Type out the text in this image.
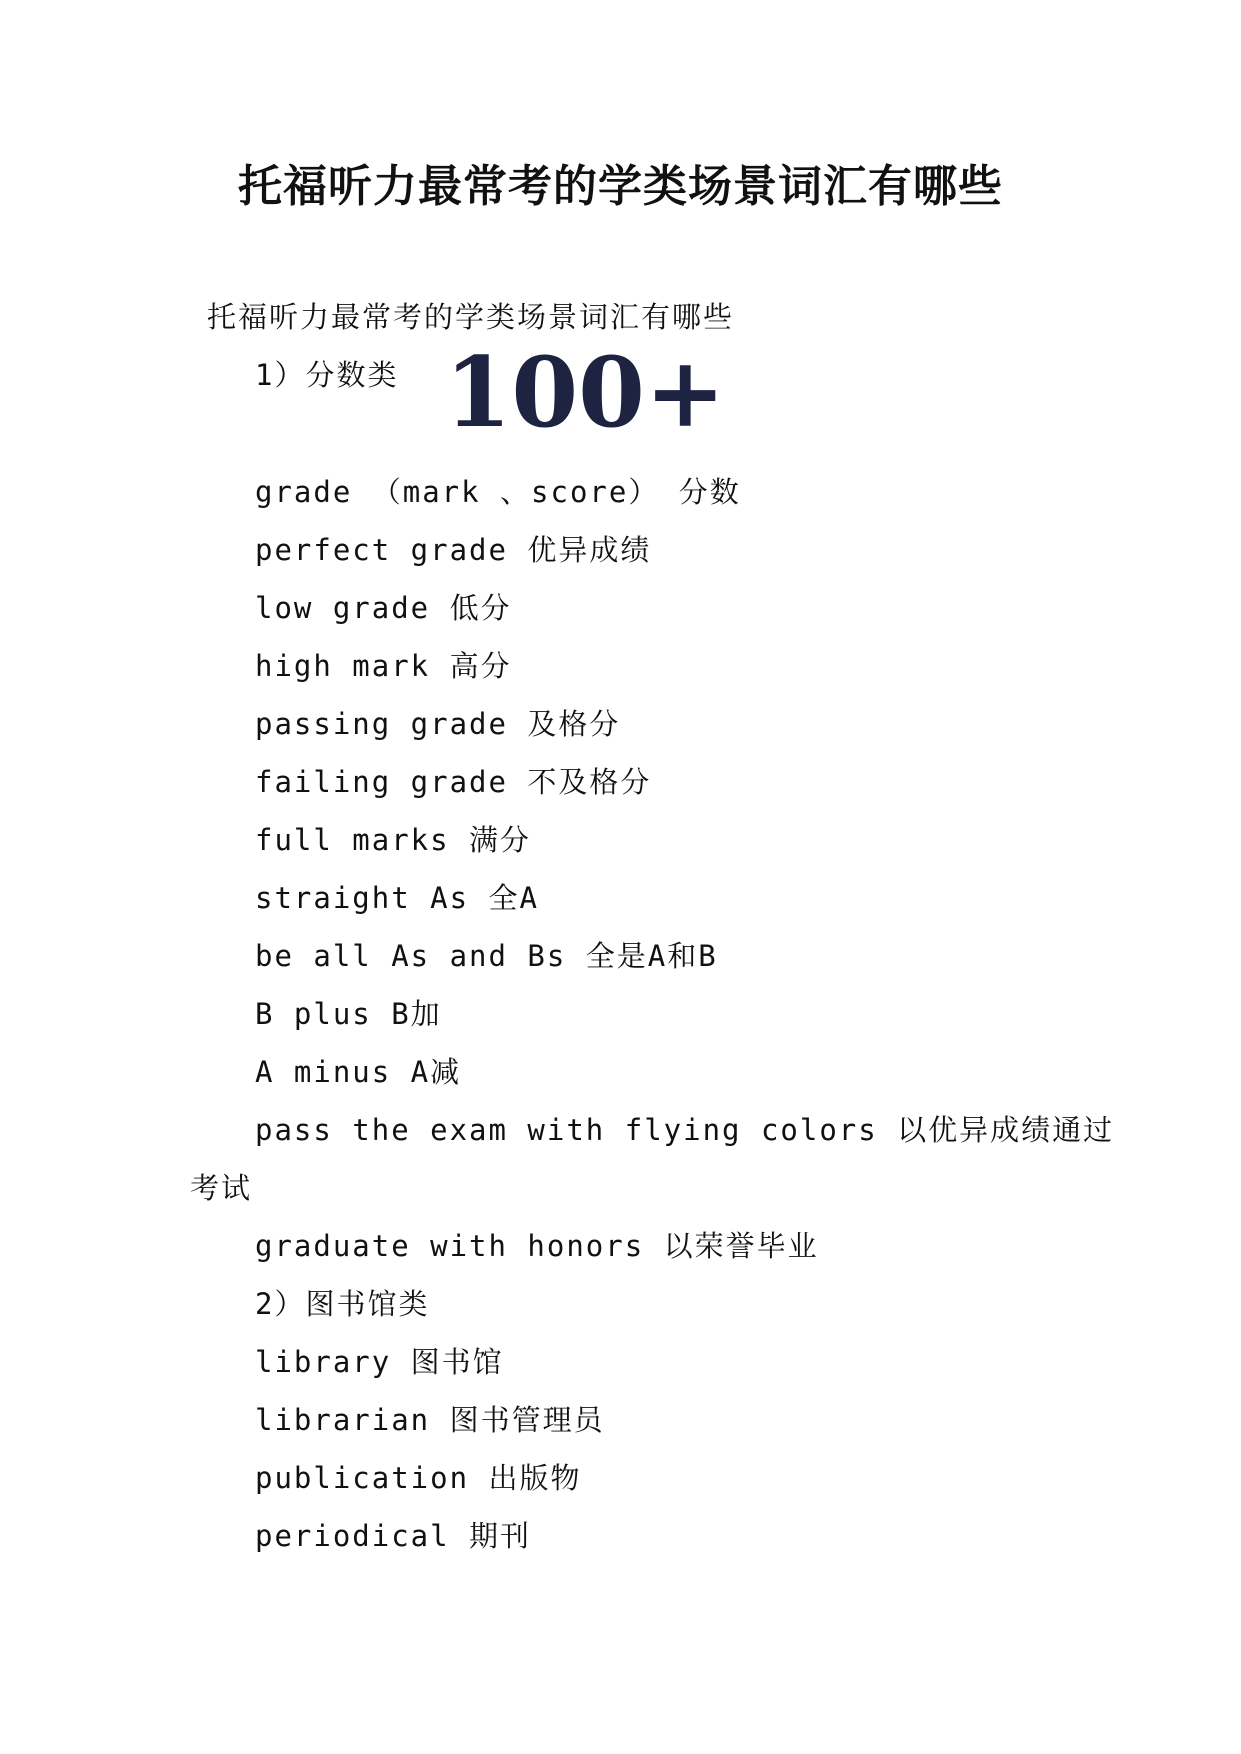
托福听力最常考的学类场景词汇有哪些
托福听力最常考的学类场景词汇有哪些
1）分数类 100+
grade （mark 、score） 分数
perfect grade 优异成绩
low grade 低分
high mark 高分
passing grade 及格分
failing grade 不及格分
full marks 满分
straight As 全A
be all As and Bs 全是A和B
B plus B加
A minus A减
pass the exam with flying colors 以优异成绩通过
考试
graduate with honors 以荣誉毕业
2）图书馆类
library 图书馆
librarian 图书管理员
publication 出版物
periodical 期刊
